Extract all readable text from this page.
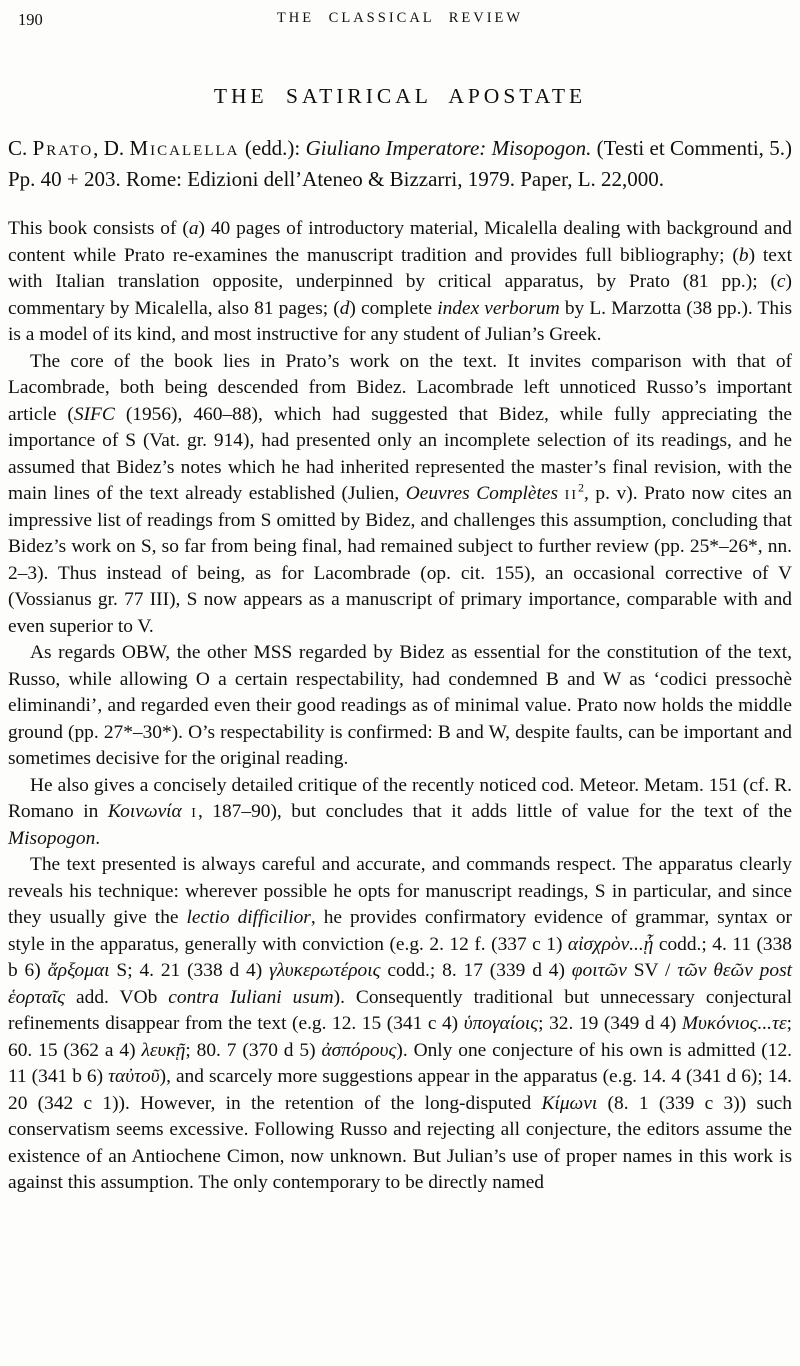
190	THE CLASSICAL REVIEW
THE SATIRICAL APOSTATE

C. Prato, D. Micalella (edd.): Giuliano Imperatore: Misopogon. (Testi et Commenti, 5.) Pp. 40 + 203. Rome: Edizioni dell’Ateneo & Bizzarri, 1979. Paper, L. 22,000.

This book consists of (a) 40 pages of introductory material, Micalella dealing with background and content while Prato re-examines the manuscript tradition and provides full bibliography; (b) text with Italian translation opposite, underpinned by critical apparatus, by Prato (81 pp.); (c) commentary by Micalella, also 81 pages; (d) complete index verborum by L. Marzotta (38 pp.). This is a model of its kind, and most instructive for any student of Julian’s Greek.

The core of the book lies in Prato’s work on the text. It invites comparison with that of Lacombrade, both being descended from Bidez. Lacombrade left unnoticed Russo’s important article (SIFC (1956), 460–88), which had suggested that Bidez, while fully appreciating the importance of S (Vat. gr. 914), had presented only an incomplete selection of its readings, and he assumed that Bidez’s notes which he had inherited represented the master’s final revision, with the main lines of the text already established (Julien, Oeuvres Complètes $ii^2$, p. v). Prato now cites an impressive list of readings from S omitted by Bidez, and challenges this assumption, concluding that Bidez’s work on S, so far from being final, had remained subject to further review (pp. 25*–26*, nn. 2–3). Thus instead of being, as for Lacombrade (op. cit. 155), an occasional corrective of V (Vossianus gr. 77 III), S now appears as a manuscript of primary importance, comparable with and even superior to V.

As regards OBW, the other MSS regarded by Bidez as essential for the constitution of the text, Russo, while allowing O a certain respectability, had condemned B and W as ‘codici pressochè eliminandi’, and regarded even their good readings as of minimal value. Prato now holds the middle ground (pp. 27*–30*). O’s respectability is confirmed: B and W, despite faults, can be important and sometimes decisive for the original reading.

He also gives a concisely detailed critique of the recently noticed cod. Meteor. Metam. 151 (cf. R. Romano in Κοινωνία i, 187–90), but concludes that it adds little of value for the text of the Misopogon.

The text presented is always careful and accurate, and commands respect. The apparatus clearly reveals his technique: wherever possible he opts for manuscript readings, S in particular, and since they usually give the lectio difficilior, he provides confirmatory evidence of grammar, syntax or style in the apparatus, generally with conviction (e.g. 2. 12 f. (337 c 1) αἰσχρὸν...ᾗ codd.; 4. 11 (338 b 6) ἄρξομαι S; 4. 21 (338 d 4) γλυκερωτέροις codd.; 8. 17 (339 d 4) φοιτῶν SV / τῶν θεῶν post ἑορταῖς add. VOb contra Iuliani usum). Consequently traditional but unnecessary conjectural refinements disappear from the text (e.g. 12. 15 (341 c 4) ὑπογαίοις; 32. 19 (349 d 4) Μυκόνιος...τε; 60. 15 (362 a 4) λευκῇ; 80. 7 (370 d 5) ἀσπόρους). Only one conjecture of his own is admitted (12. 11 (341 b 6) ταὐτοῦ), and scarcely more suggestions appear in the apparatus (e.g. 14. 4 (341 d 6); 14. 20 (342 c 1)). However, in the retention of the long-disputed Κίμωνι (8. 1 (339 c 3)) such conservatism seems excessive. Following Russo and rejecting all conjecture, the editors assume the existence of an Antiochene Cimon, now unknown. But Julian’s use of proper names in this work is against this assumption. The only contemporary to be directly named
